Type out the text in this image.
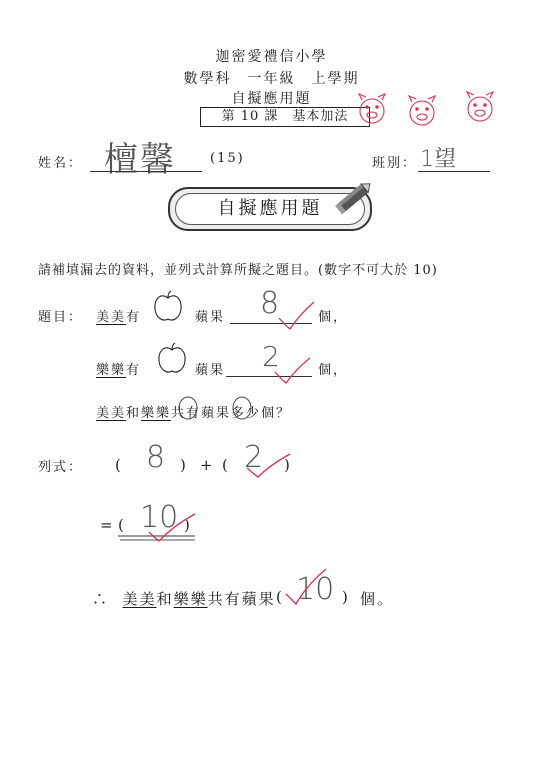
迦密愛禮信小學
數學科　一年級　上學期
自擬應用題
第 10 課　基本加法
姓名： 檀馨	(15)	班別： 1望
自擬應用題
請補填漏去的資料，並列式計算所擬之題目。(數字不可大於 10)
題目： 美美有	蘋果 8	個，
樂樂有	蘋果 2	個，
美美和樂樂共有蘋果多少個？
列式： ( 8 ) + ( 2 )
= ( 10 )
∴ 美美和樂樂共有蘋果 ( 10 ) 個。
